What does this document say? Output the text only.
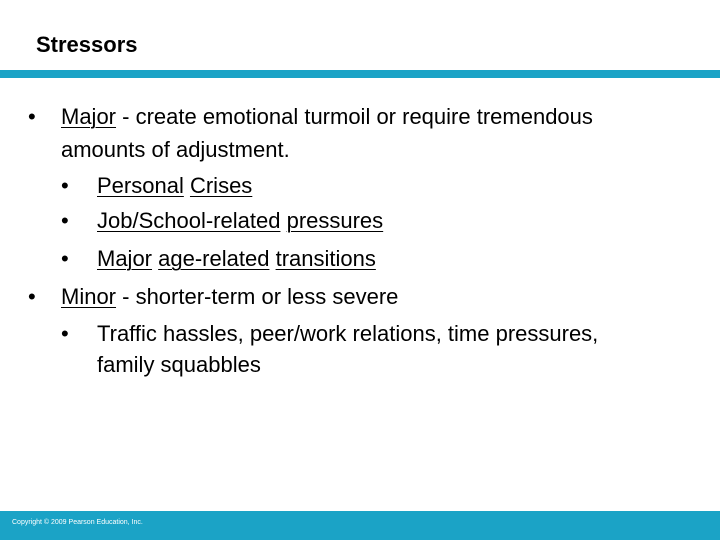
Stressors
• Major - create emotional turmoil or require tremendous
amounts of adjustment.
• Personal Crises
• Job/School-related pressures
• Major age-related transitions
• Minor - shorter-term or less severe
• Traffic hassles, peer/work relations, time pressures,
family squabbles
Copyright © 2009 Pearson Education, Inc.
